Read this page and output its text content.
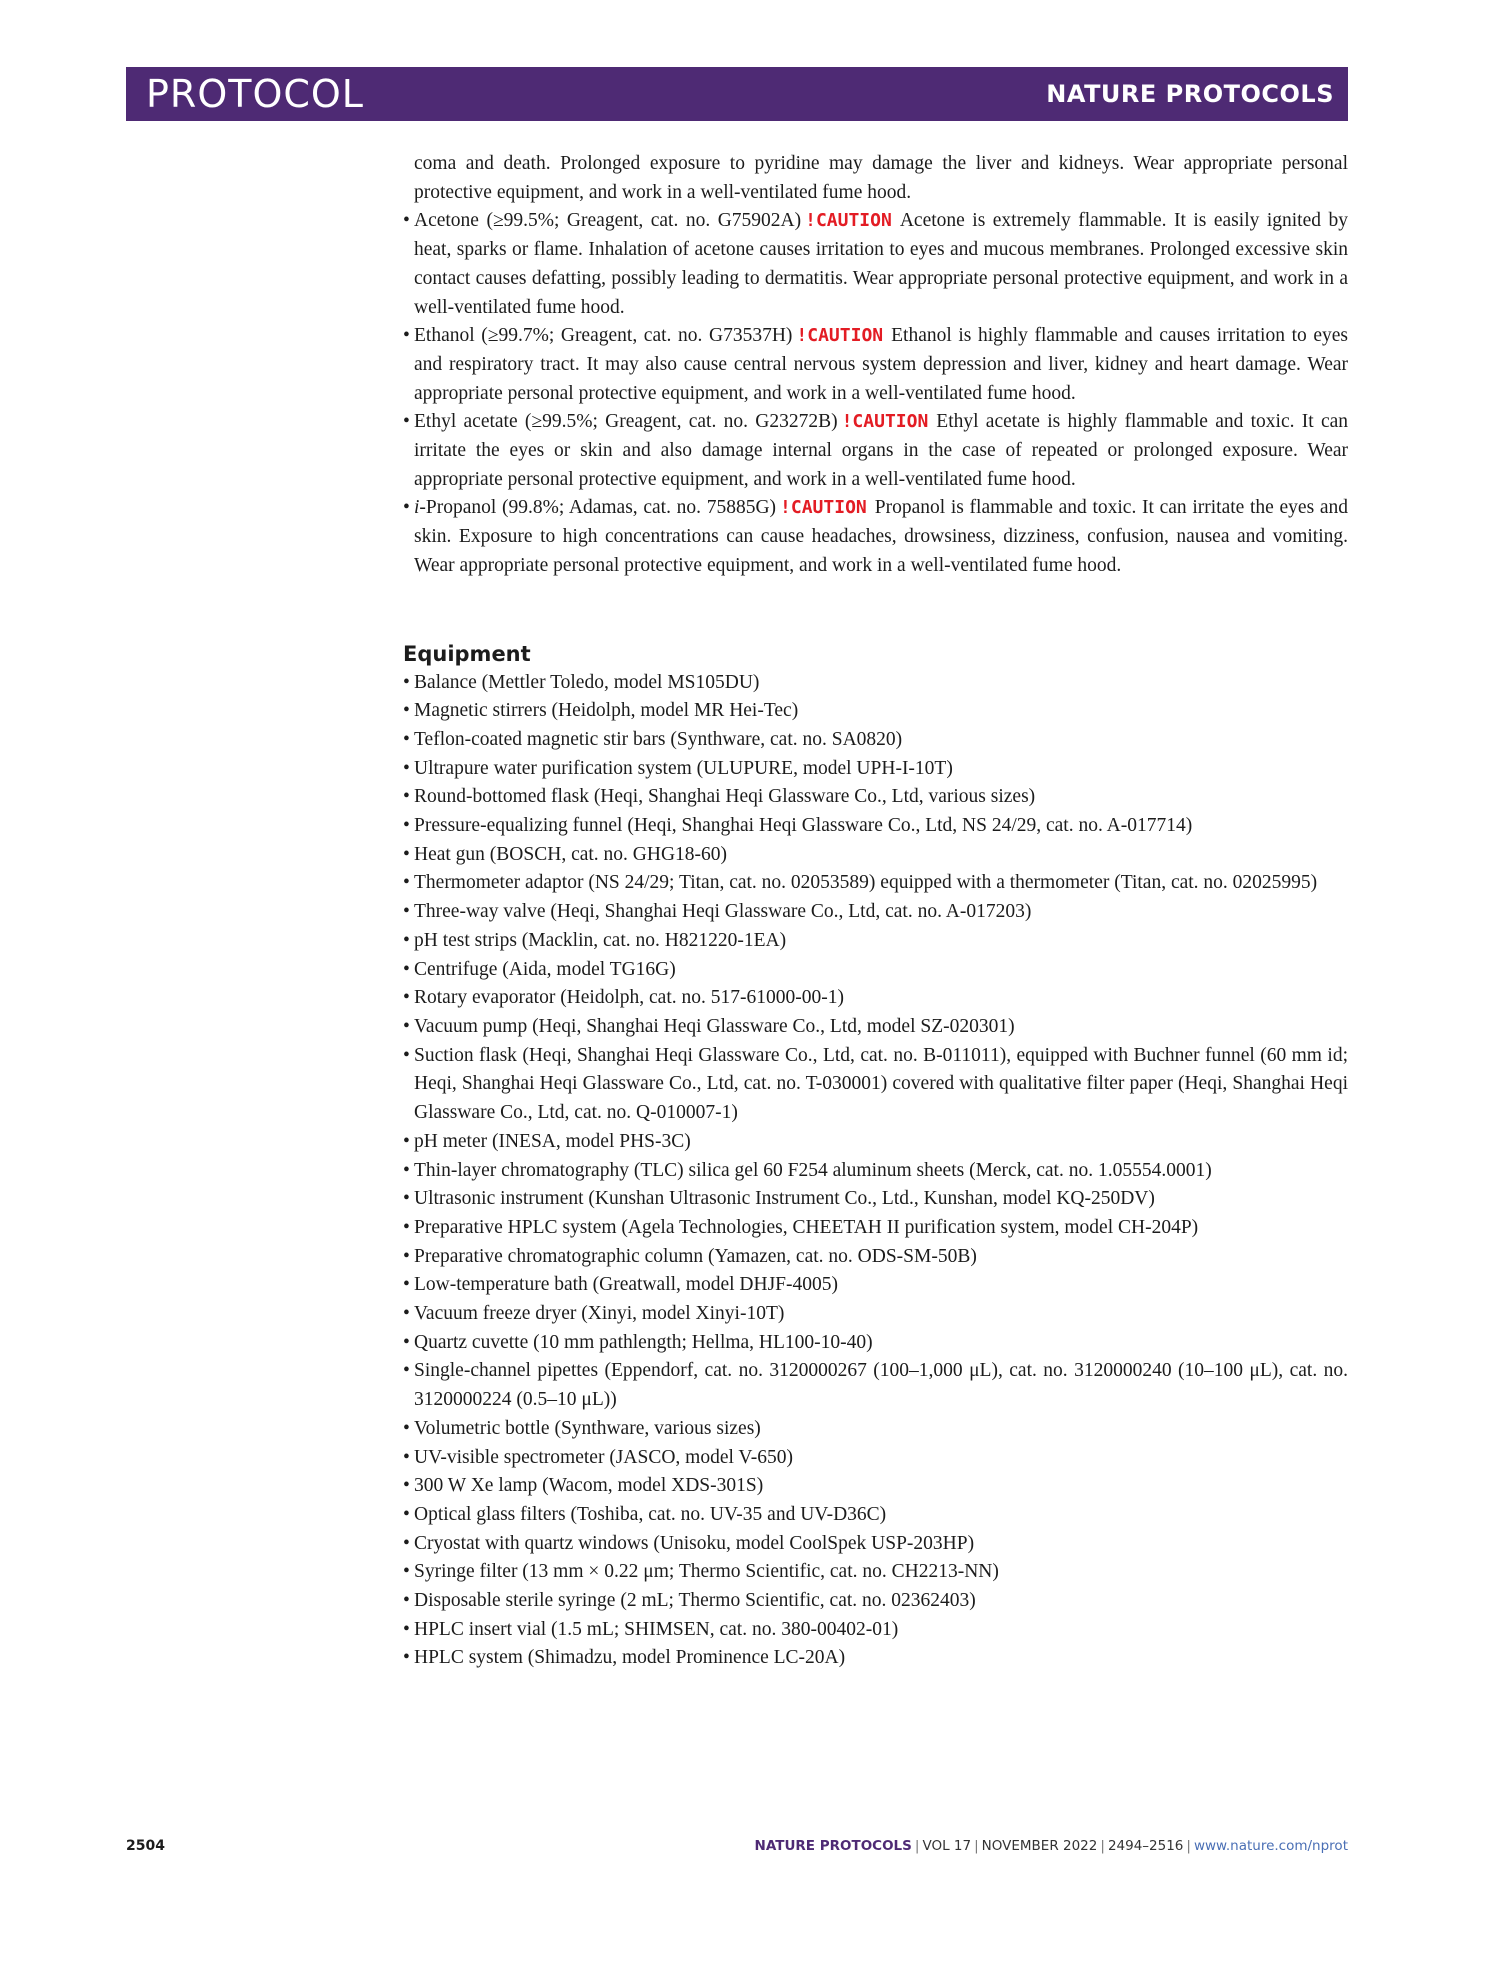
PROTOCOL	NATURE PROTOCOLS

coma and death. Prolonged exposure to pyridine may damage the liver and kidneys. Wear appropriate personal protective equipment, and work in a well-ventilated fume hood.

• Acetone (≥99.5%; Greagent, cat. no. G75902A) !CAUTION Acetone is extremely flammable. It is easily ignited by heat, sparks or flame. Inhalation of acetone causes irritation to eyes and mucous membranes. Prolonged excessive skin contact causes defatting, possibly leading to dermatitis. Wear appropriate personal protective equipment, and work in a well-ventilated fume hood.
• Ethanol (≥99.7%; Greagent, cat. no. G73537H) !CAUTION Ethanol is highly flammable and causes irritation to eyes and respiratory tract. It may also cause central nervous system depression and liver, kidney and heart damage. Wear appropriate personal protective equipment, and work in a well-ventilated fume hood.
• Ethyl acetate (≥99.5%; Greagent, cat. no. G23272B) !CAUTION Ethyl acetate is highly flammable and toxic. It can irritate the eyes or skin and also damage internal organs in the case of repeated or prolonged exposure. Wear appropriate personal protective equipment, and work in a well-ventilated fume hood.
• i-Propanol (99.8%; Adamas, cat. no. 75885G) !CAUTION Propanol is flammable and toxic. It can irritate the eyes and skin. Exposure to high concentrations can cause headaches, drowsiness, dizziness, confusion, nausea and vomiting. Wear appropriate personal protective equipment, and work in a well-ventilated fume hood.
Equipment
• Balance (Mettler Toledo, model MS105DU)
• Magnetic stirrers (Heidolph, model MR Hei-Tec)
• Teflon-coated magnetic stir bars (Synthware, cat. no. SA0820)
• Ultrapure water purification system (ULUPURE, model UPH-I-10T)
• Round-bottomed flask (Heqi, Shanghai Heqi Glassware Co., Ltd, various sizes)
• Pressure-equalizing funnel (Heqi, Shanghai Heqi Glassware Co., Ltd, NS 24/29, cat. no. A-017714)
• Heat gun (BOSCH, cat. no. GHG18-60)
• Thermometer adaptor (NS 24/29; Titan, cat. no. 02053589) equipped with a thermometer (Titan, cat. no. 02025995)
• Three-way valve (Heqi, Shanghai Heqi Glassware Co., Ltd, cat. no. A-017203)
• pH test strips (Macklin, cat. no. H821220-1EA)
• Centrifuge (Aida, model TG16G)
• Rotary evaporator (Heidolph, cat. no. 517-61000-00-1)
• Vacuum pump (Heqi, Shanghai Heqi Glassware Co., Ltd, model SZ-020301)
• Suction flask (Heqi, Shanghai Heqi Glassware Co., Ltd, cat. no. B-011011), equipped with Buchner funnel (60 mm id; Heqi, Shanghai Heqi Glassware Co., Ltd, cat. no. T-030001) covered with qualitative filter paper (Heqi, Shanghai Heqi Glassware Co., Ltd, cat. no. Q-010007-1)
• pH meter (INESA, model PHS-3C)
• Thin-layer chromatography (TLC) silica gel 60 F254 aluminum sheets (Merck, cat. no. 1.05554.0001)
• Ultrasonic instrument (Kunshan Ultrasonic Instrument Co., Ltd., Kunshan, model KQ-250DV)
• Preparative HPLC system (Agela Technologies, CHEETAH II purification system, model CH-204P)
• Preparative chromatographic column (Yamazen, cat. no. ODS-SM-50B)
• Low-temperature bath (Greatwall, model DHJF-4005)
• Vacuum freeze dryer (Xinyi, model Xinyi-10T)
• Quartz cuvette (10 mm pathlength; Hellma, HL100-10-40)
• Single-channel pipettes (Eppendorf, cat. no. 3120000267 (100–1,000 μL), cat. no. 3120000240 (10–100 μL), cat. no. 3120000224 (0.5–10 μL))
• Volumetric bottle (Synthware, various sizes)
• UV-visible spectrometer (JASCO, model V-650)
• 300 W Xe lamp (Wacom, model XDS-301S)
• Optical glass filters (Toshiba, cat. no. UV-35 and UV-D36C)
• Cryostat with quartz windows (Unisoku, model CoolSpek USP-203HP)
• Syringe filter (13 mm × 0.22 μm; Thermo Scientific, cat. no. CH2213-NN)
• Disposable sterile syringe (2 mL; Thermo Scientific, cat. no. 02362403)
• HPLC insert vial (1.5 mL; SHIMSEN, cat. no. 380-00402-01)
• HPLC system (Shimadzu, model Prominence LC-20A)
2504	NATURE PROTOCOLS | VOL 17 | NOVEMBER 2022 | 2494–2516 | www.nature.com/nprot
